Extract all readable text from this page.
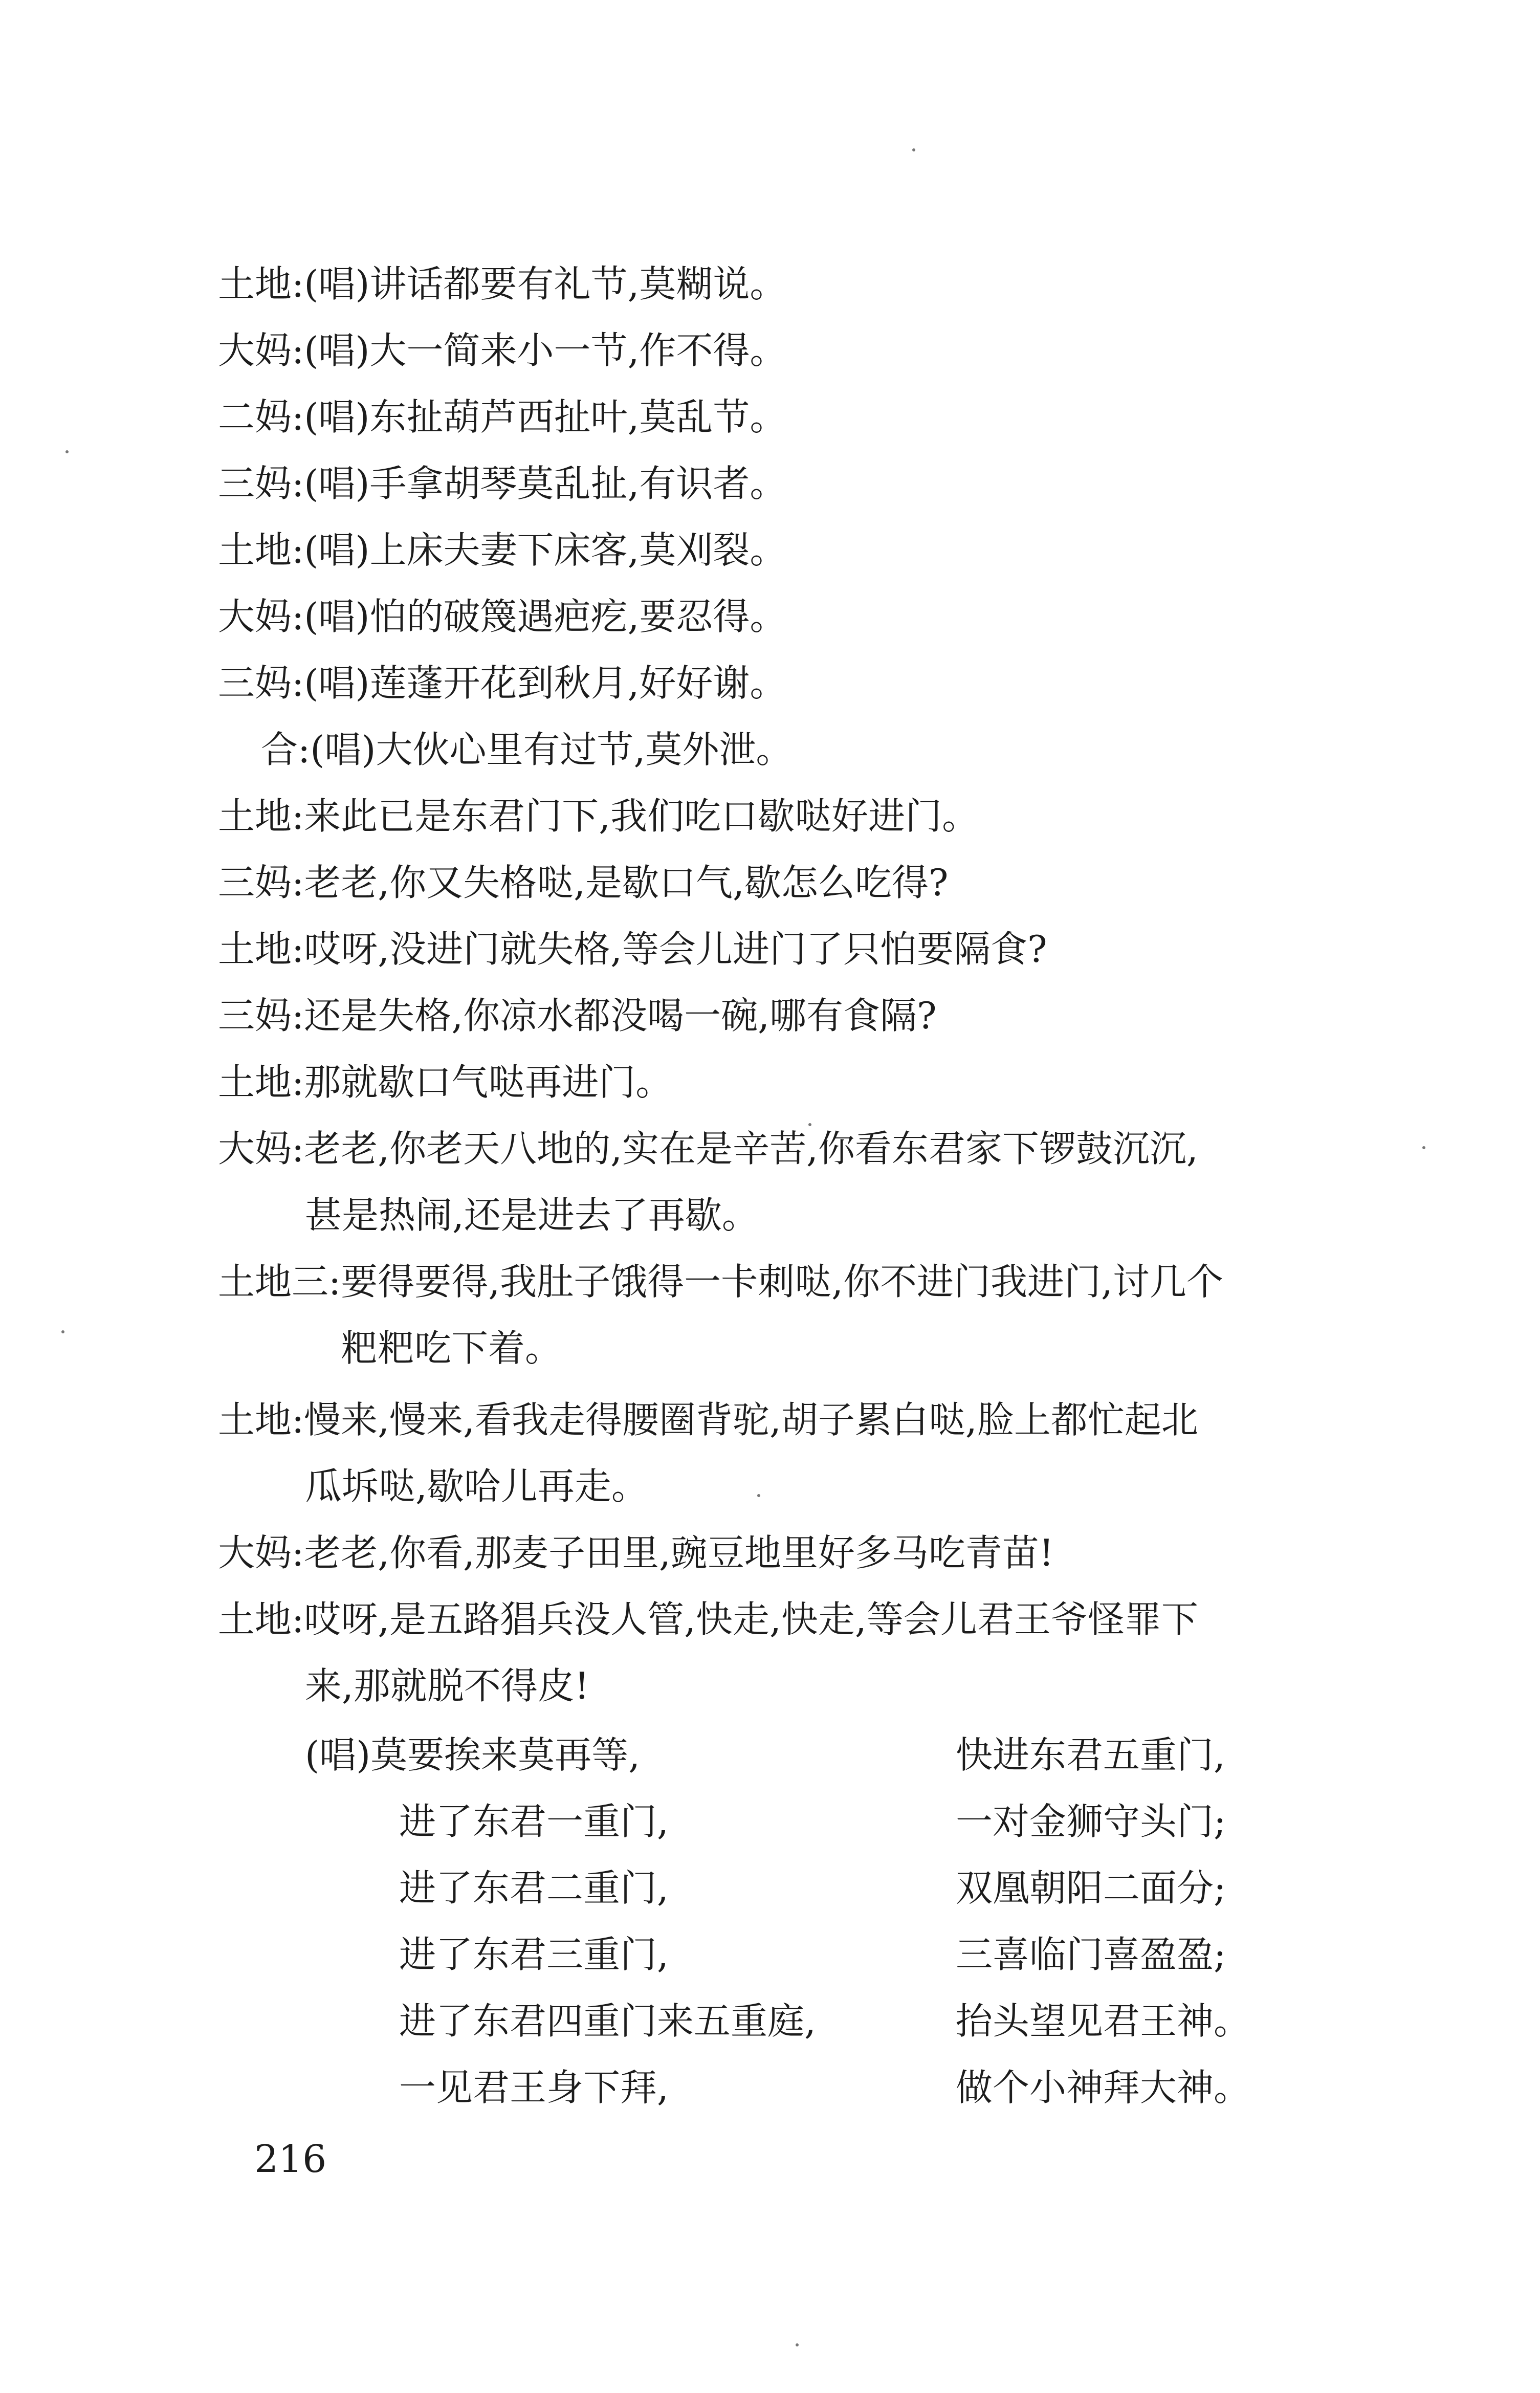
土地:(唱)讲话都要有礼节,莫糊说。
大妈:(唱)大一简来小一节,作不得。
二妈:(唱)东扯葫芦西扯叶,莫乱节。
三妈:(唱)手拿胡琴莫乱扯,有识者。
土地:(唱)上床夫妻下床客,莫刈裂。
大妈:(唱)怕的破篾遇疤疙,要忍得。
三妈:(唱)莲蓬开花到秋月,好好谢。
合:(唱)大伙心里有过节,莫外泄。
土地:来此已是东君门下,我们吃口歇哒好进门。
三妈:老老,你又失格哒,是歇口气,歇怎么吃得?
土地:哎呀,没进门就失格,等会儿进门了只怕要隔食?
三妈:还是失格,你凉水都没喝一碗,哪有食隔?
土地:那就歇口气哒再进门。
大妈:老老,你老天八地的,实在是辛苦,你看东君家下锣鼓沉沉,
甚是热闹,还是进去了再歇。
土地三:要得要得,我肚子饿得一卡刺哒,你不进门我进门,讨几个
粑粑吃下着。
土地:慢来,慢来,看我走得腰圈背驼,胡子累白哒,脸上都忙起北
瓜坼哒,歇哈儿再走。
大妈:老老,你看,那麦子田里,豌豆地里好多马吃青苗!
土地:哎呀,是五路猖兵没人管,快走,快走,等会儿君王爷怪罪下
来,那就脱不得皮!
(唱)莫要挨来莫再等,	快进东君五重门,
进了东君一重门,	一对金狮守头门;
进了东君二重门,	双凰朝阳二面分;
进了东君三重门,	三喜临门喜盈盈;
进了东君四重门来五重庭,	抬头望见君王神。
一见君王身下拜,	做个小神拜大神。
216
